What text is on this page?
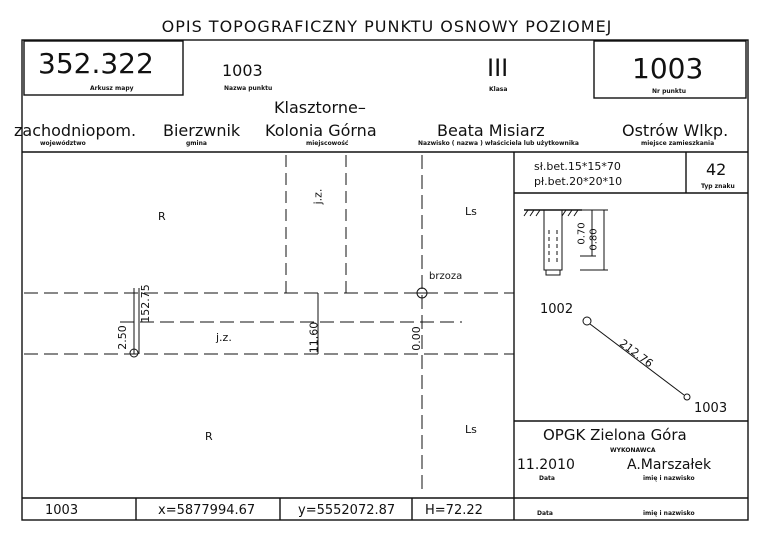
OPIS TOPOGRAFICZNY PUNKTU OSNOWY POZIOMEJ
352.322
Arkusz mapy
1003
Nazwa punktu
III
Klasa
1003
Nr punktu
zachodniopom.
województwo
Bierzwnik
gmina
Klasztorne–
Kolonia Górna
miejscowość
Beata Misiarz
Nazwisko ( nazwa ) właściciela lub użytkownika
Ostrów Wlkp.
miejsce zamieszkania
sł.bet.15*15*70
pł.bet.20*20*10
42
Typ znaku
R
R
Ls
Ls
j.z.
j.z.
brzoza
152.75
2.50	11.60	0.00
0.70 0.80
1002
1003
212.76
OPGK Zielona Góra
WYKONAWCA
11.2010
Data
A.Marszałek
imię i nazwisko
1003	x=5877994.67	y=5552072.87 H=72.22	Data	imię i nazwisko
